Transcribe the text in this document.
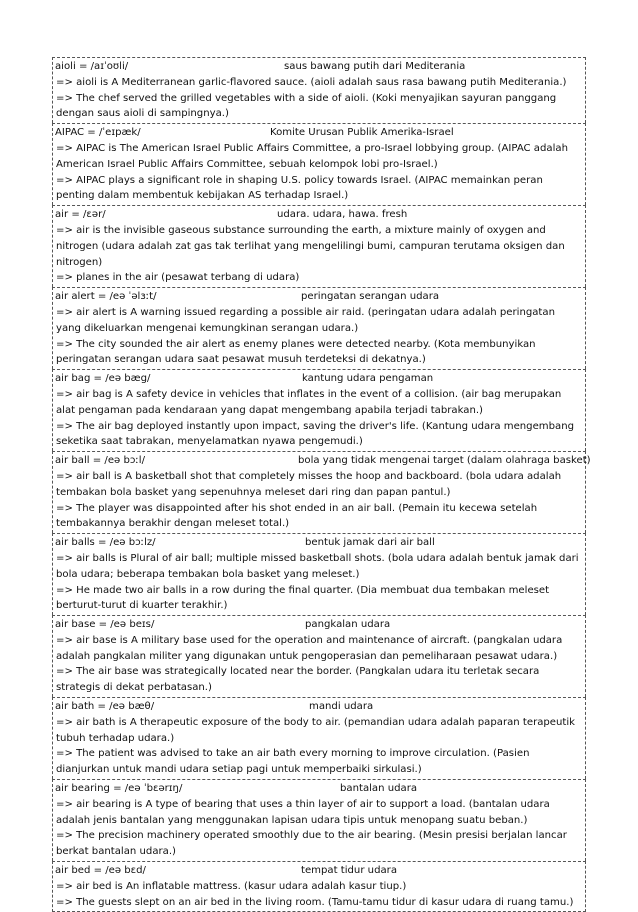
aioli = /aɪˈoʊli/	saus bawang putih dari Mediterania
=> aioli is A Mediterranean garlic-flavored sauce. (aioli adalah saus rasa bawang putih Mediterania.)
=> The chef served the grilled vegetables with a side of aioli. (Koki menyajikan sayuran panggang dengan saus aioli di sampingnya.)
AIPAC = /ˈeɪpæk/	Komite Urusan Publik Amerika-Israel
=> AIPAC is The American Israel Public Affairs Committee, a pro-Israel lobbying group. (AIPAC adalah American Israel Public Affairs Committee, sebuah kelompok lobi pro-Israel.)
=> AIPAC plays a significant role in shaping U.S. policy towards Israel. (AIPAC memainkan peran penting dalam membentuk kebijakan AS terhadap Israel.)
air = /ɛər/	udara. udara, hawa. fresh
=> air is the invisible gaseous substance surrounding the earth, a mixture mainly of oxygen and nitrogen (udara adalah zat gas tak terlihat yang mengelilingi bumi, campuran terutama oksigen dan nitrogen)
=> planes in the air (pesawat terbang di udara)
air alert = /eə ˈəlɜːt/	peringatan serangan udara
=> air alert is A warning issued regarding a possible air raid. (peringatan udara adalah peringatan yang dikeluarkan mengenai kemungkinan serangan udara.)
=> The city sounded the air alert as enemy planes were detected nearby. (Kota membunyikan peringatan serangan udara saat pesawat musuh terdeteksi di dekatnya.)
air bag = /eə bæg/	kantung udara pengaman
=> air bag is A safety device in vehicles that inflates in the event of a collision. (air bag merupakan alat pengaman pada kendaraan yang dapat mengembang apabila terjadi tabrakan.)
=> The air bag deployed instantly upon impact, saving the driver's life. (Kantung udara mengembang seketika saat tabrakan, menyelamatkan nyawa pengemudi.)
air ball = /eə bɔːl/	bola yang tidak mengenai target (dalam olahraga basket)
=> air ball is A basketball shot that completely misses the hoop and backboard. (bola udara adalah tembakan bola basket yang sepenuhnya meleset dari ring dan papan pantul.)
=> The player was disappointed after his shot ended in an air ball. (Pemain itu kecewa setelah tembakannya berakhir dengan meleset total.)
air balls = /eə bɔːlz/	bentuk jamak dari air ball
=> air balls is Plural of air ball; multiple missed basketball shots. (bola udara adalah bentuk jamak dari bola udara; beberapa tembakan bola basket yang meleset.)
=> He made two air balls in a row during the final quarter. (Dia membuat dua tembakan meleset berturut-turut di kuarter terakhir.)
air base = /eə beɪs/	pangkalan udara
=> air base is A military base used for the operation and maintenance of aircraft. (pangkalan udara adalah pangkalan militer yang digunakan untuk pengoperasian dan pemeliharaan pesawat udara.)
=> The air base was strategically located near the border. (Pangkalan udara itu terletak secara strategis di dekat perbatasan.)
air bath = /eə bæθ/	mandi udara
=> air bath is A therapeutic exposure of the body to air. (pemandian udara adalah paparan terapeutik tubuh terhadap udara.)
=> The patient was advised to take an air bath every morning to improve circulation. (Pasien dianjurkan untuk mandi udara setiap pagi untuk memperbaiki sirkulasi.)
air bearing = /eə ˈbɛərɪŋ/	bantalan udara
=> air bearing is A type of bearing that uses a thin layer of air to support a load. (bantalan udara adalah jenis bantalan yang menggunakan lapisan udara tipis untuk menopang suatu beban.)
=> The precision machinery operated smoothly due to the air bearing. (Mesin presisi berjalan lancar berkat bantalan udara.)
air bed = /eə bɛd/	tempat tidur udara
=> air bed is An inflatable mattress. (kasur udara adalah kasur tiup.)
=> The guests slept on an air bed in the living room. (Tamu-tamu tidur di kasur udara di ruang tamu.)
